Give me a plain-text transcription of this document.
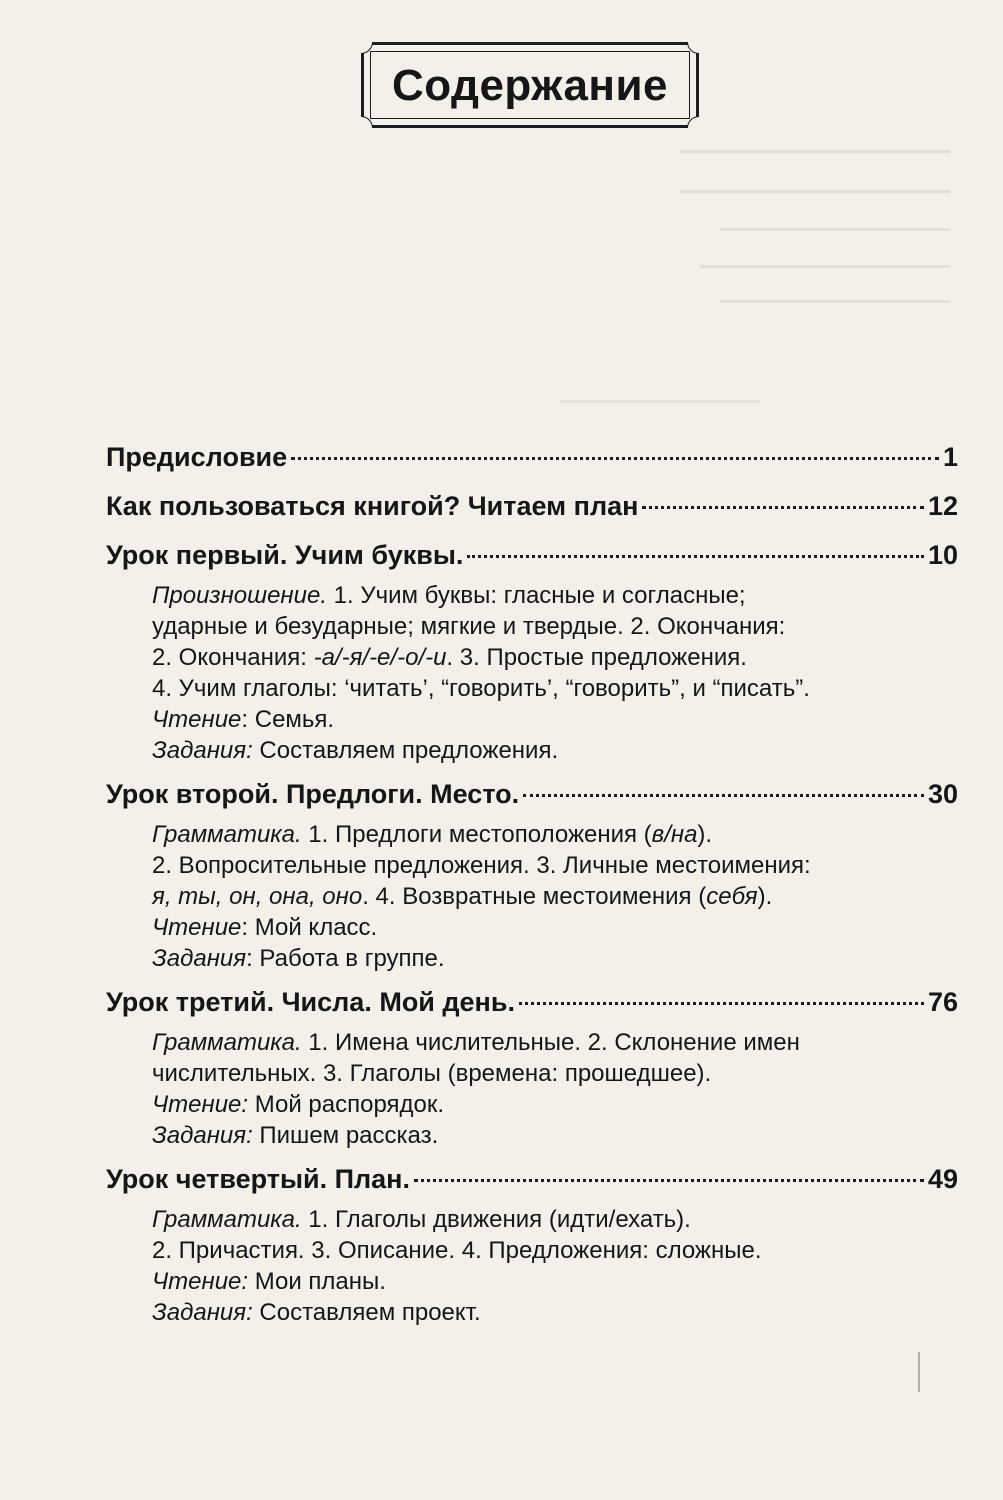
Содержание
Предисловие	1
Как пользоваться книгой? Читаем план	12
Урок первый. Учим буквы.	10
Произношение. 1. Учим буквы: гласные и согласные;
ударные и безударные; мягкие и твердые. 2. Окончания:
2. Окончания: -а/-я/-е/-о/-и. 3. Простые предложения.
4. Учим глаголы: ‘читать’, “говорить’, “говорить”, и “писать”.
Чтение: Семья.
Задания: Составляем предложения.
Урок второй. Предлоги. Место.	30
Грамматика. 1. Предлоги местоположения (в/на).
2. Вопросительные предложения. 3. Личные местоимения:
я, ты, он, она, оно. 4. Возвратные местоимения (себя).
Чтение: Мой класс.
Задания: Работа в группе.
Урок третий. Числа. Мой день.	76
Грамматика. 1. Имена числительные. 2. Склонение имен
числительных. 3. Глаголы (времена: прошедшее).
Чтение: Мой распорядок.
Задания: Пишем рассказ.
Урок четвертый. План.	49
Грамматика. 1. Глаголы движения (идти/ехать).
2. Причастия. 3. Описание. 4. Предложения: сложные.
Чтение: Мои планы.
Задания: Составляем проект.
